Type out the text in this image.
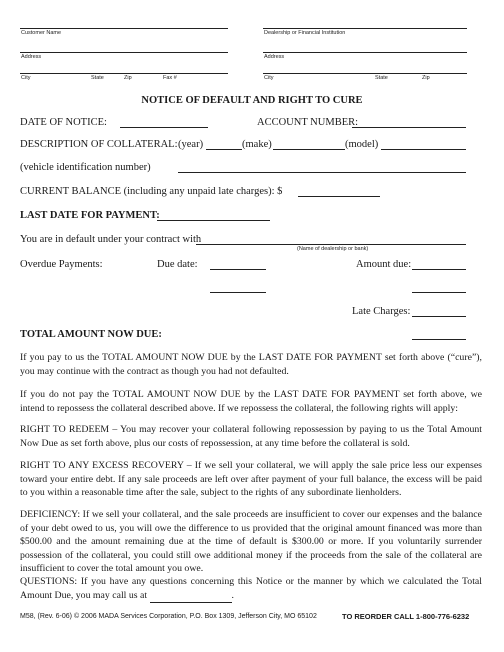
Customer Name
Address
City	State	Zip	Fax #
Dealership or Financial Institution
Address
City	State	Zip
NOTICE OF DEFAULT AND RIGHT TO CURE
DATE OF NOTICE:	ACCOUNT NUMBER:
DESCRIPTION OF COLLATERAL: (year)	(make)	(model)
(vehicle identification number)
CURRENT BALANCE (including any unpaid late charges): $
LAST DATE FOR PAYMENT:
You are in default under your contract with
(Name of dealership or bank)
Overdue Payments:	Due date:	Amount due:
Late Charges:
TOTAL AMOUNT NOW DUE:
If you pay to us the TOTAL AMOUNT NOW DUE by the LAST DATE FOR PAYMENT set forth above (“cure”), you may continue with the contract as though you had not defaulted.
If you do not pay the TOTAL AMOUNT NOW DUE by the LAST DATE FOR PAYMENT set forth above, we intend to repossess the collateral described above. If we repossess the collateral, the following rights will apply:
RIGHT TO REDEEM – You may recover your collateral following repossession by paying to us the Total Amount Now Due as set forth above, plus our costs of repossession, at any time before the collateral is sold.
RIGHT TO ANY EXCESS RECOVERY – If we sell your collateral, we will apply the sale price less our expenses toward your entire debt. If any sale proceeds are left over after payment of your full balance, the excess will be paid to you within a reasonable time after the sale, subject to the rights of any subordinate lienholders.
DEFICIENCY: If we sell your collateral, and the sale proceeds are insufficient to cover our expenses and the balance of your debt owed to us, you will owe the difference to us provided that the original amount financed was more than $500.00 and the amount remaining due at the time of default is $300.00 or more. If you voluntarily surrender possession of the collateral, you could still owe additional money if the proceeds from the sale of the collateral are insufficient to cover the total amount you owe.
QUESTIONS: If you have any questions concerning this Notice or the manner by which we calculated the Total Amount Due, you may call us at	.
M58, (Rev. 6-06) © 2006 MADA Services Corporation, P.O. Box 1309, Jefferson City, MO 65102	TO REORDER CALL 1-800-776-6232
